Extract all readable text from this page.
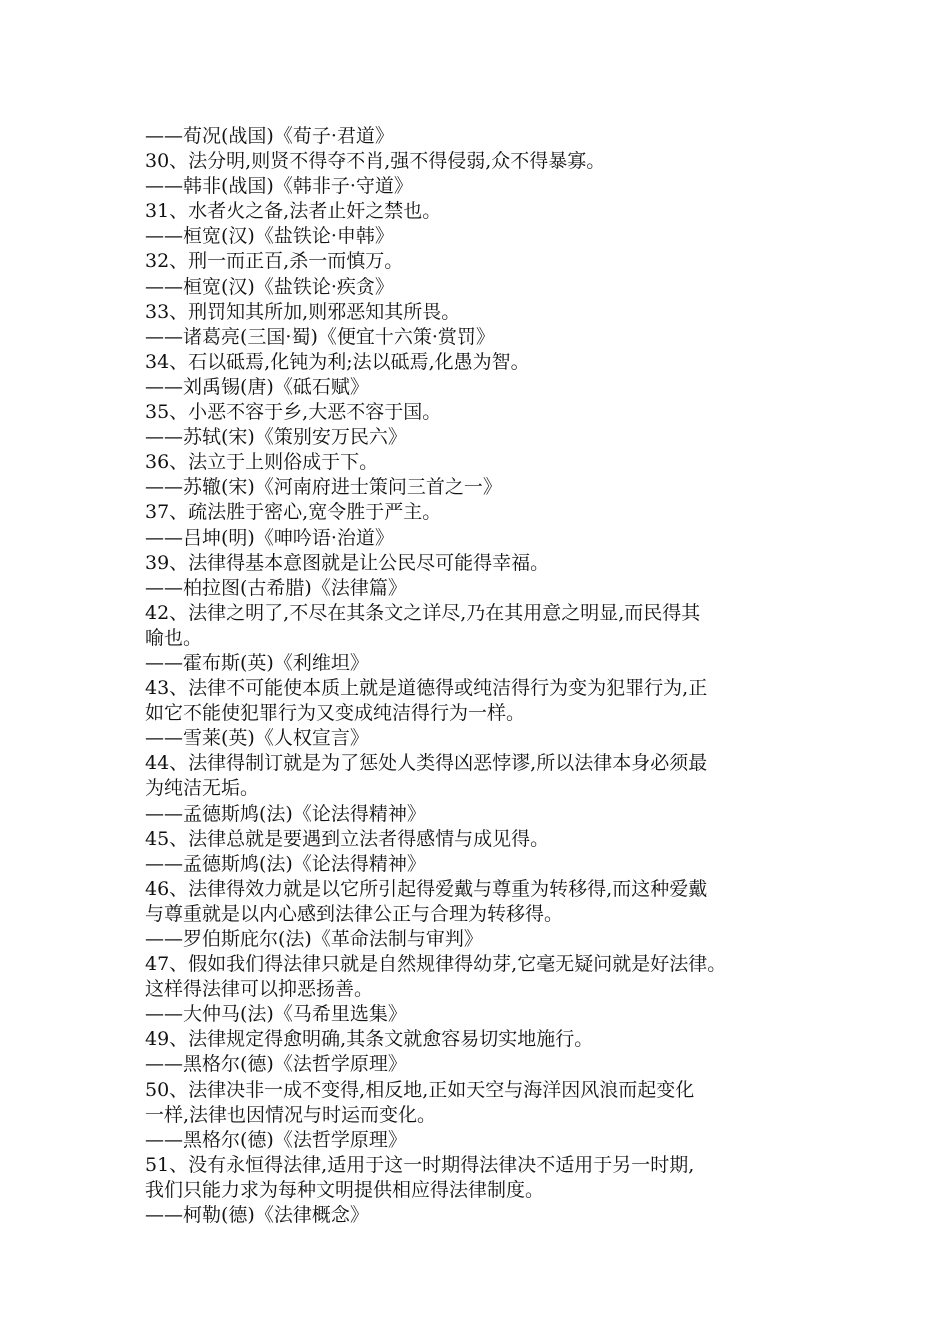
——荀况(战国)《荀子·君道》
30、法分明,则贤不得夺不肖,强不得侵弱,众不得暴寡。
——韩非(战国)《韩非子·守道》
31、水者火之备,法者止奸之禁也。
——桓宽(汉)《盐铁论·申韩》
32、刑一而正百,杀一而慎万。
——桓宽(汉)《盐铁论·疾贪》
33、刑罚知其所加,则邪恶知其所畏。
——诸葛亮(三国·蜀)《便宜十六策·赏罚》
34、石以砥焉,化钝为利;法以砥焉,化愚为智。
——刘禹锡(唐)《砥石赋》
35、小恶不容于乡,大恶不容于国。
——苏轼(宋)《策别安万民六》
36、法立于上则俗成于下。
——苏辙(宋)《河南府进士策问三首之一》
37、疏法胜于密心,宽令胜于严主。
——吕坤(明)《呻吟语·治道》
39、法律得基本意图就是让公民尽可能得幸福。
——柏拉图(古希腊)《法律篇》
42、法律之明了,不尽在其条文之详尽,乃在其用意之明显,而民得其
喻也。
——霍布斯(英)《利维坦》
43、法律不可能使本质上就是道德得或纯洁得行为变为犯罪行为,正
如它不能使犯罪行为又变成纯洁得行为一样。
——雪莱(英)《人权宣言》
44、法律得制订就是为了惩处人类得凶恶悖谬,所以法律本身必须最
为纯洁无垢。
——孟德斯鸠(法)《论法得精神》
45、法律总就是要遇到立法者得感情与成见得。
——孟德斯鸠(法)《论法得精神》
46、法律得效力就是以它所引起得爱戴与尊重为转移得,而这种爱戴
与尊重就是以内心感到法律公正与合理为转移得。
——罗伯斯庇尔(法)《革命法制与审判》
47、假如我们得法律只就是自然规律得幼芽,它毫无疑问就是好法律。
这样得法律可以抑恶扬善。
——大仲马(法)《马希里选集》
49、法律规定得愈明确,其条文就愈容易切实地施行。
——黑格尔(德)《法哲学原理》
50、法律决非一成不变得,相反地,正如天空与海洋因风浪而起变化
一样,法律也因情况与时运而变化。
——黑格尔(德)《法哲学原理》
51、没有永恒得法律,适用于这一时期得法律决不适用于另一时期,
我们只能力求为每种文明提供相应得法律制度。
——柯勒(德)《法律概念》
